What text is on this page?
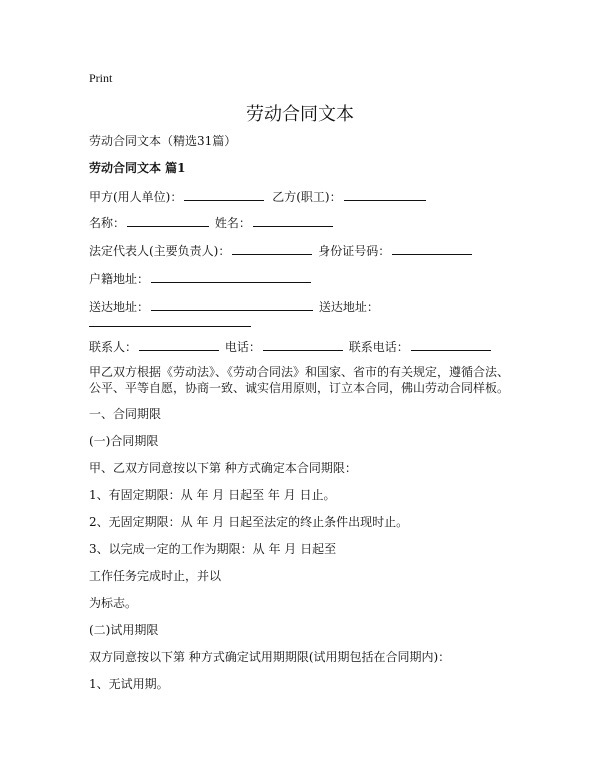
Print
劳动合同文本
劳动合同文本（精选31篇）
劳动合同文本 篇1
甲方(用人单位)：	乙方(职工)：
名称：	姓名：
法定代表人(主要负责人)：	身份证号码：
户籍地址：
送达地址：	送达地址：
联系人：	电话：	联系电话：
甲乙双方根据《劳动法》、《劳动合同法》和国家、省市的有关规定，遵循合法、
公平、平等自愿，协商一致、诚实信用原则，订立本合同，佛山劳动合同样板。
一、合同期限
(一)合同期限
甲、乙双方同意按以下第 种方式确定本合同期限：
1、有固定期限：从 年 月 日起至 年 月 日止。
2、无固定期限：从 年 月 日起至法定的终止条件出现时止。
3、以完成一定的工作为期限：从 年 月 日起至
工作任务完成时止，并以
为标志。
(二)试用期限
双方同意按以下第 种方式确定试用期期限(试用期包括在合同期内)：
1、无试用期。
